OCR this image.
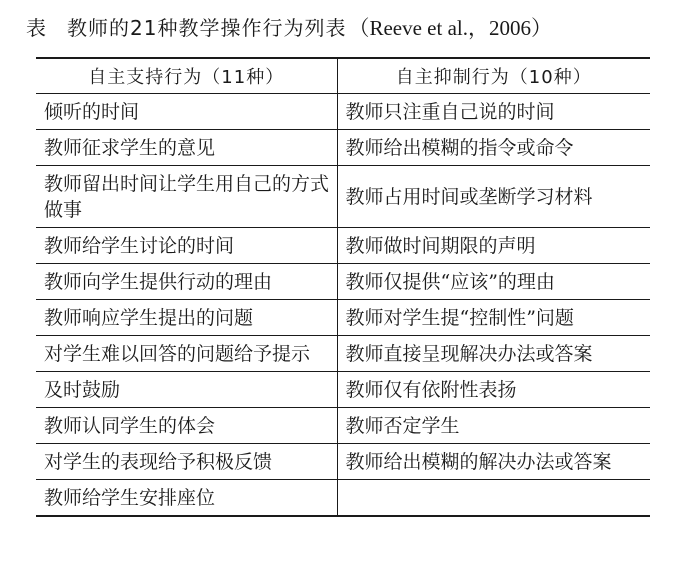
表 教师的21种教学操作行为列表（Reeve et al.，2006）
自主支持行为（11种）	自主抑制行为（10种）
倾听的时间	教师只注重自己说的时间
教师征求学生的意见	教师给出模糊的指令或命令
教师留出时间让学生用自己的方式做事	教师占用时间或垄断学习材料
教师给学生讨论的时间	教师做时间期限的声明
教师向学生提供行动的理由	教师仅提供“应该”的理由
教师响应学生提出的问题	教师对学生提“控制性”问题
对学生难以回答的问题给予提示	教师直接呈现解决办法或答案
及时鼓励	教师仅有依附性表扬
教师认同学生的体会	教师否定学生
对学生的表现给予积极反馈	教师给出模糊的解决办法或答案
教师给学生安排座位	
